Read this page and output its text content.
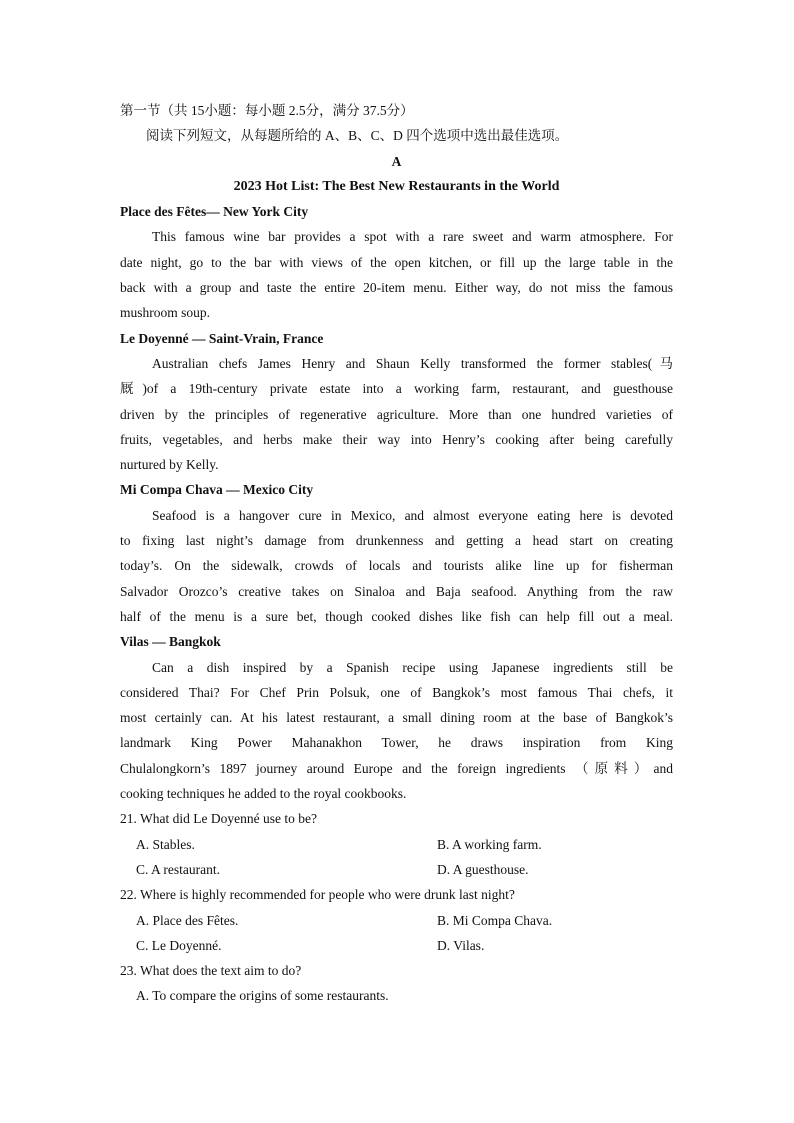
第一节（共 15小题：每小题 2.5分，满分 37.5分）
阅读下列短文，从每题所给的 A、B、C、D 四个选项中选出最佳选项。
A
2023 Hot List: The Best New Restaurants in the World
Place des Fêtes— New York City
This famous wine bar provides a spot with a rare sweet and warm atmosphere. For
date night, go to the bar with views of the open kitchen, or fill up the large table in the
back with a group and taste the entire 20-item menu. Either way, do not miss the famous
mushroom soup.
Le Doyenné — Saint-Vrain, France
Australian chefs James Henry and Shaun Kelly transformed the former stables(马
厩)of a 19th-century private estate into a working farm, restaurant, and guesthouse
driven by the principles of regenerative agriculture. More than one hundred varieties of
fruits, vegetables, and herbs make their way into Henry’s cooking after being carefully
nurtured by Kelly.
Mi Compa Chava — Mexico City
Seafood is a hangover cure in Mexico, and almost everyone eating here is devoted
to fixing last night’s damage from drunkenness and getting a head start on creating
today’s. On the sidewalk, crowds of locals and tourists alike line up for fisherman
Salvador Orozco’s creative takes on Sinaloa and Baja seafood. Anything from the raw
half of the menu is a sure bet, though cooked dishes like fish can help fill out a meal.
Vilas — Bangkok
Can a dish inspired by a Spanish recipe using Japanese ingredients still be
considered Thai? For Chef Prin Polsuk, one of Bangkok’s most famous Thai chefs, it
most certainly can. At his latest restaurant, a small dining room at the base of Bangkok’s
landmark King Power Mahanakhon Tower, he draws inspiration from King
Chulalongkorn’s 1897 journey around Europe and the foreign ingredients （原料）and
cooking techniques he added to the royal cookbooks.
21. What did Le Doyenné use to be?
A. Stables.	B. A working farm.
C. A restaurant.	D. A guesthouse.
22. Where is highly recommended for people who were drunk last night?
A. Place des Fêtes.	B. Mi Compa Chava.
C. Le Doyenné.	D. Vilas.
23. What does the text aim to do?
A. To compare the origins of some restaurants.
